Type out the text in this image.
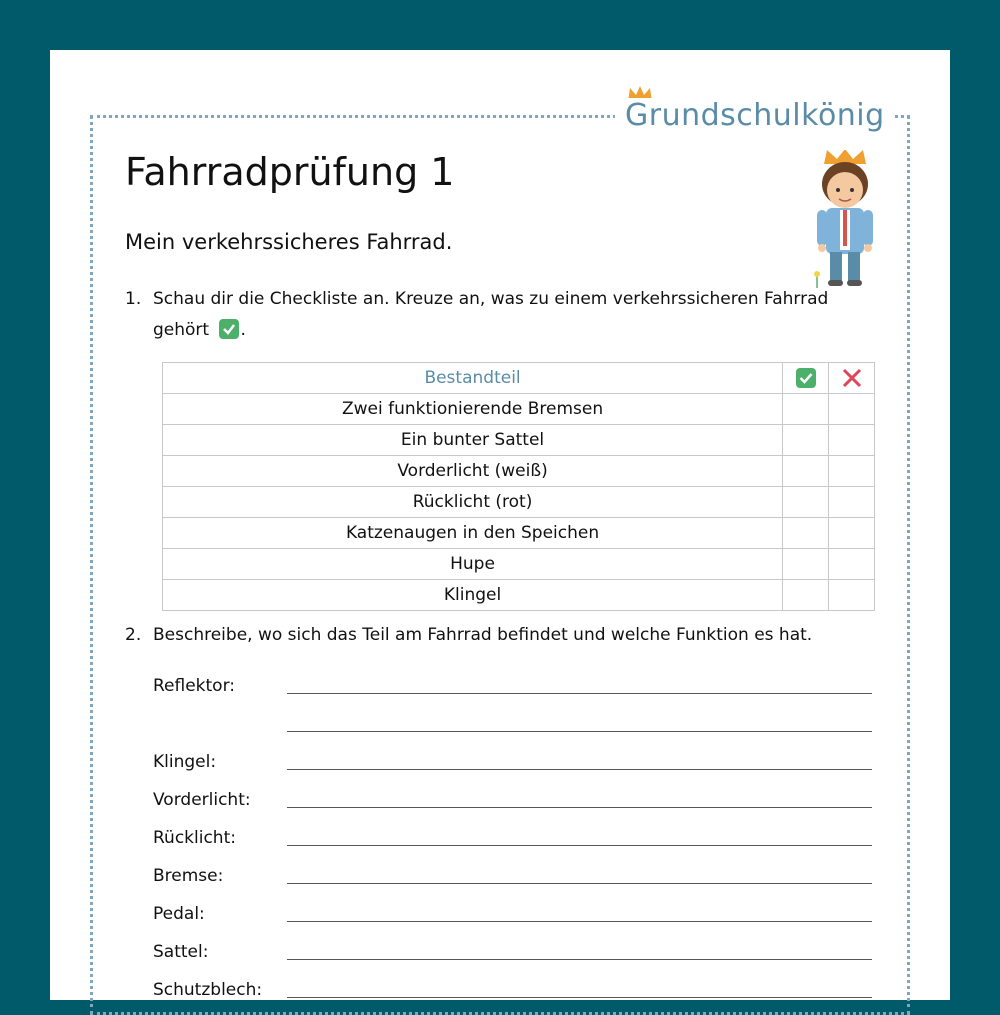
Grundschulkönig
Fahrradprüfung 1
Mein verkehrssicheres Fahrrad.
1. Schau dir die Checkliste an. Kreuze an, was zu einem verkehrssicheren Fahrrad
gehört .
Bestandteil		
Zwei funktionierende Bremsen		
Ein bunter Sattel		
Vorderlicht (weiß)		
Rücklicht (rot)		
Katzenaugen in den Speichen		
Hupe		
Klingel		
2. Beschreibe, wo sich das Teil am Fahrrad befindet und welche Funktion es hat.
Reflektor:
Klingel:
Vorderlicht:
Rücklicht:
Bremse:
Pedal:
Sattel:
Schutzblech:
